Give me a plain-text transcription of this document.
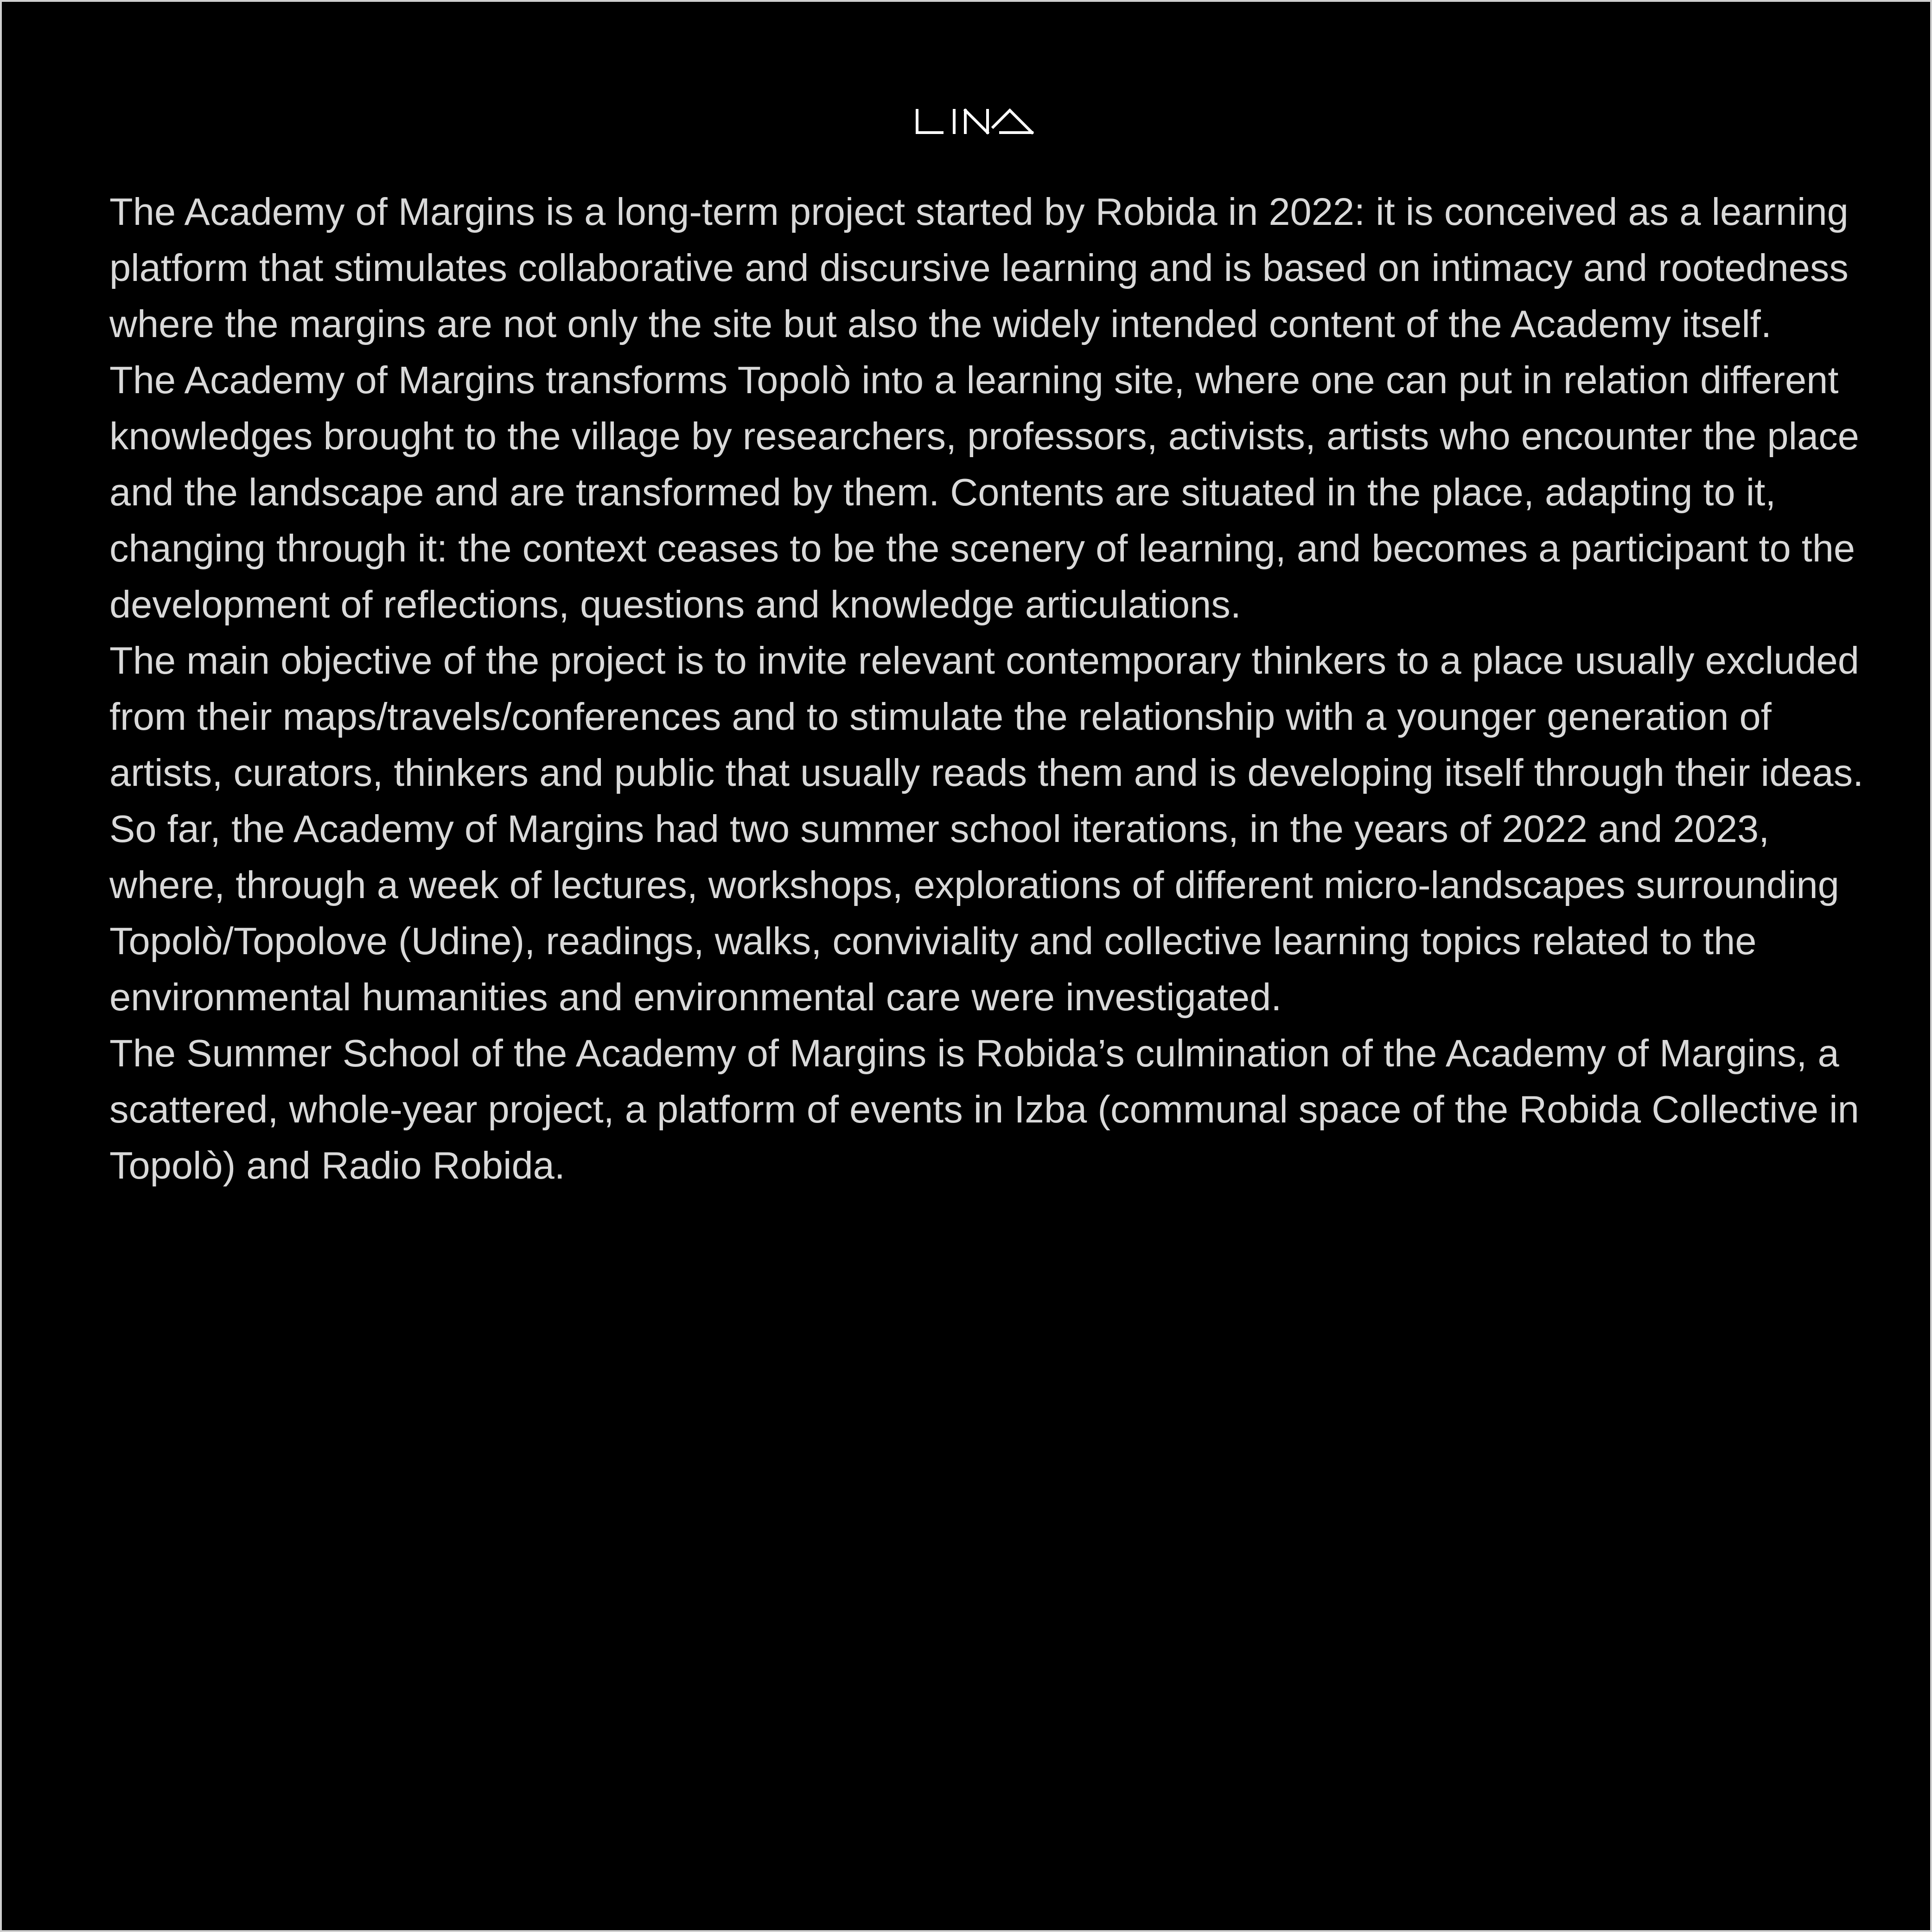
The Academy of Margins is a long-term project started by Robida in 2022: it is conceived as a learning platform that stimulates collaborative and discursive learning and is based on intimacy and rootedness where the margins are not only the site but also the widely intended content of the Academy itself.

The Academy of Margins transforms Topolò into a learning site, where one can put in relation different knowledges brought to the village by researchers, professors, activists, artists who encounter the place and the landscape and are transformed by them. Contents are situated in the place, adapting to it, changing through it: the context ceases to be the scenery of learning, and becomes a participant to the development of reflections, questions and knowledge articulations.

The main objective of the project is to invite relevant contemporary thinkers to a place usually excluded from their maps/travels/conferences and to stimulate the relationship with a younger generation of artists, curators, thinkers and public that usually reads them and is developing itself through their ideas.

So far, the Academy of Margins had two summer school iterations, in the years of 2022 and 2023, where, through a week of lectures, workshops, explorations of different micro-landscapes surrounding Topolò/Topolove (Udine), readings, walks, conviviality and collective learning topics related to the environmental humanities and environmental care were investigated.

The Summer School of the Academy of Margins is Robida’s culmination of the Academy of Margins, a scattered, whole-year project, a platform of events in Izba (communal space of the Robida Collective in Topolò) and Radio Robida.
